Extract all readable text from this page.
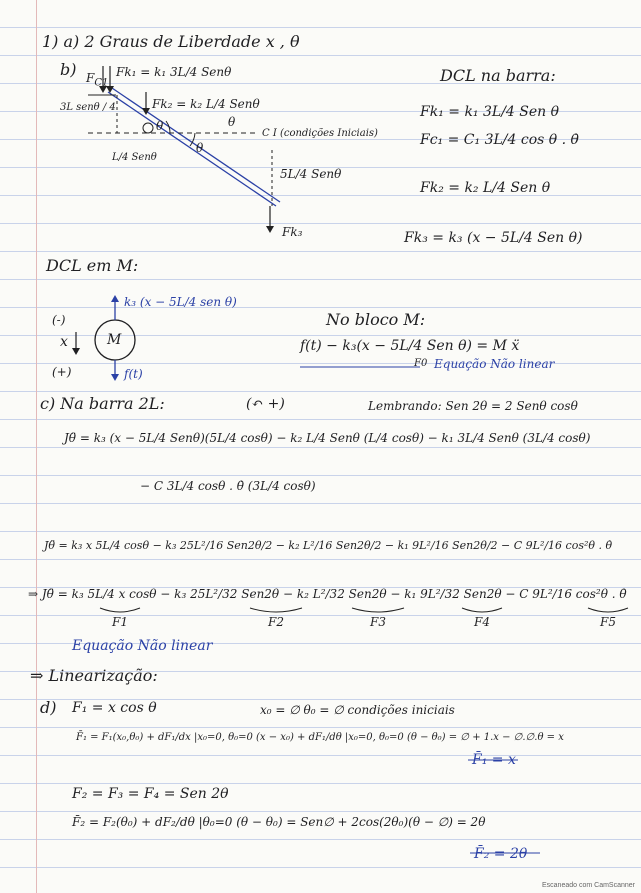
1) a) 2 Graus de Liberdade x , θ
b) $F_{C1}$
Fk₁ = k₁ 3L/4 Senθ
3L senθ / 4	Fk₂ = k₂ L/4 Senθ
θ	θ
θ
C I (condições Iniciais)
L/4 Senθ
5L/4 Senθ
Fk₃
DCL na barra:
Fk₁ = k₁ 3L/4 Sen θ
Fc₁ = C₁ 3L/4 cos θ . θ̇
Fk₂ = k₂ L/4 Sen θ
Fk₃ = k₃ (x − 5L/4 Sen θ)
DCL em M:
k₃ (x − 5L/4 sen θ)
(-)
x	M
(+)	f(t)
No bloco M:
f(t) − k₃(x − 5L/4 Sen θ) = M ẍ
F0 Equação Não linear
c) Na barra 2L:	(↶ +)	Lembrando: Sen 2θ = 2 Senθ cosθ
Jθ̈ = k₃ (x − 5L/4 Senθ)(5L/4 cosθ) − k₂ L/4 Senθ (L/4 cosθ) − k₁ 3L/4 Senθ (3L/4 cosθ)
− C 3L/4 cosθ . θ̇ (3L/4 cosθ)
Jθ̈ = k₃ x 5L/4 cosθ − k₃ 25L²/16 Sen2θ/2 − k₂ L²/16 Sen2θ/2 − k₁ 9L²/16 Sen2θ/2 − C 9L²/16 cos²θ . θ̇
⇒ Jθ̈ = k₃ 5L/4 x cosθ − k₃ 25L²/32 Sen2θ − k₂ L²/32 Sen2θ − k₁ 9L²/32 Sen2θ − C 9L²/16 cos²θ . θ̇
F1	F2	F3	F4	F5
Equação Não linear
⇒ Linearização:
d) F₁ = x cos θ	x₀ = ∅ θ₀ = ∅ condições iniciais
F̄₁ = F₁(x₀,θ₀) + dF₁/dx |x₀=0, θ₀=0 (x − x₀) + dF₁/dθ |x₀=0, θ₀=0 (θ − θ₀) = ∅ + 1.x − ∅.∅.θ = x
F̄₁ = x
F₂ = F₃ = F₄ = Sen 2θ
F̄₂ = F₂(θ₀) + dF₂/dθ |θ₀=0 (θ − θ₀) = Sen∅ + 2cos(2θ₀)(θ − ∅) = 2θ
F̄₂ = 2θ
Escaneado com CamScanner
